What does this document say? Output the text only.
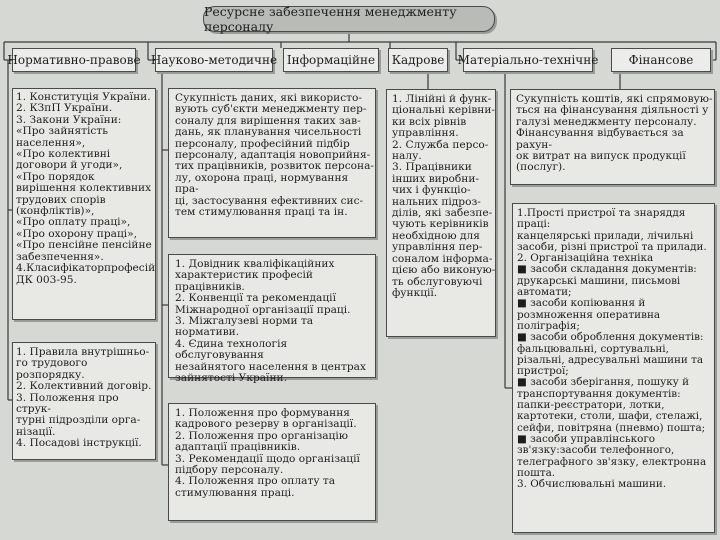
Ресурсне забезпечення менеджменту персоналу
Нормативно-правове Науково-методичне Інформаційне	Кадрове	Матеріально-технічне	Фінансове

1. Конституція України.
2. КЗпП України.
3. Закони України:
«Про зайнятість
населення»,
«Про колективні
договори й угоди»,
«Про порядок
вирішення колективних
трудових спорів
(конфліктів)»,
«Про оплату праці»,
«Про охорону праці»,
«Про пенсійне пенсійне
забезпечення».
4.Класифікаторпрофесій
ДК 003-95.

1. Правила внутрішньо-
го трудового розпорядку.
2. Колективний договір.
3. Положення про струк-
турні підрозділи орга-
нізації.
4. Посадові інструкції.

Сукупність даних, які використо-
вують суб'єкти менеджменту пер-
соналу для вирішення таких зав-
дань, як планування чисельності
персоналу, професійний підбір
персоналу, адаптація новоприйня-
тих працівників, розвиток персона-
лу, охорона праці, нормування пра-
ці, застосування ефективних сис-
тем стимулювання праці та ін.

1. Довідник кваліфікаційних
характеристик професій
працівників.
2. Конвенції та рекомендації
Міжнародної організації праці.
3. Міжгалузеві норми та нормативи.
4. Єдина технологія обслуговування
незайнятого населення в центрах
зайнятості України.

1. Положення про формування
кадрового резерву в організації.
2. Положення про організацію
адаптації працівників.
3. Рекомендації щодо організації
підбору персоналу.
4. Положення про оплату та
стимулювання праці.

1. Лінійні й функ-
ціональні керівни-
ки всіх рівнів
управління.
2. Служба персо-
налу.
3. Працівники
інших виробни-
чих і функціо-
нальних підроз-
ділів, які забезпе-
чують керівників
необхідною для
управління пер-
соналом інформа-
цією або виконую-
ть обслуговуючі
функції.

Сукупність коштів, які спрямовую-
ться на фінансування діяльності у
галузі менеджменту персоналу.
Фінансування відбувається за рахун-
ок витрат на випуск продукції
(послуг).

1.Прості пристрої та знаряддя праці:
канцелярські прилади, лічильні
засоби, різні пристрої та прилади.
2. Організаційна техніка
■ засоби складання документів:
друкарські машини, письмові
автомати;
■ засоби копіювання й
розмноження оперативна
поліграфія;
■ засоби оброблення документів:
фальцювальні, сортувальні,
різальні, адресувальні машини та
пристрої;
■ засоби зберігання, пошуку й
транспортування документів:
папки-реєстратори, лотки,
картотеки, столи, шафи, стелажі,
сейфи, повітряна (пневмо) пошта;
■ засоби управлінського
зв'язку:засоби телефонного,
телеграфного зв'язку, електронна
пошта.
3. Обчислювальні машини.
